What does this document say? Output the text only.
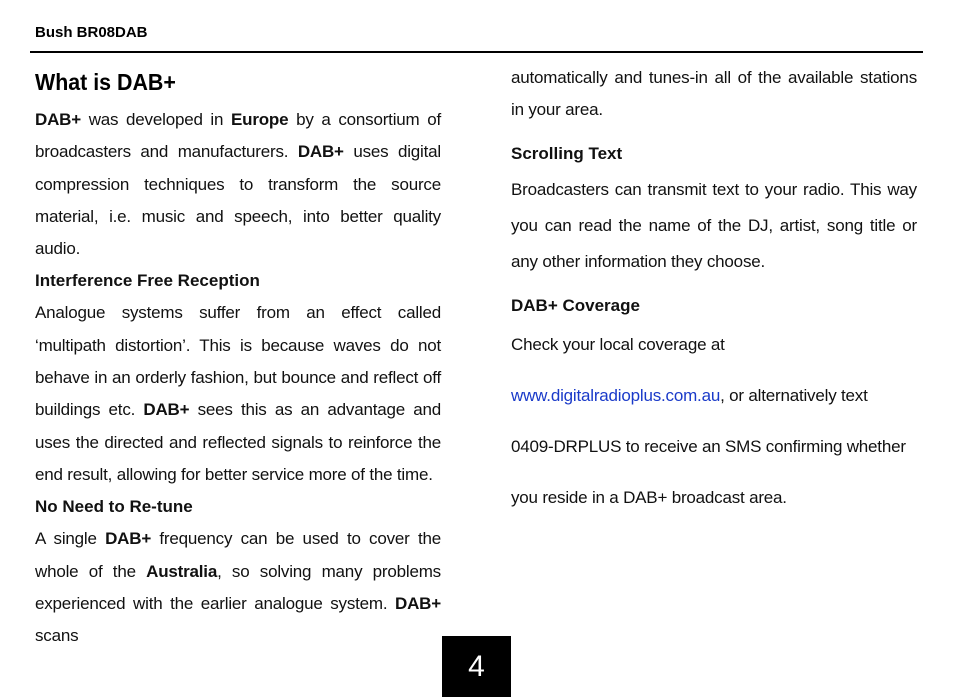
Bush BR08DAB
What is DAB+

DAB+ was developed in Europe by a consortium of broadcasters and manufacturers. DAB+ uses digital compression techniques to transform the source material, i.e. music and speech, into better quality audio.

Interference Free Reception

Analogue systems suffer from an effect called ‘multipath distortion’. This is because waves do not behave in an orderly fashion, but bounce and reflect off buildings etc. DAB+ sees this as an advantage and uses the directed and reflected signals to reinforce the end result, allowing for better service more of the time.

No Need to Re-tune

A single DAB+ frequency can be used to cover the whole of the Australia, so solving many problems experienced with the earlier analogue system. DAB+ scans

automatically and tunes-in all of the available stations in your area.

Scrolling Text

Broadcasters can transmit text to your radio. This way you can read the name of the DJ, artist, song title or any other information they choose.

DAB+ Coverage

Check your local coverage at

www.digitalradioplus.com.au, or alternatively text

0409-DRPLUS to receive an SMS confirming whether

you reside in a DAB+ broadcast area.

4
